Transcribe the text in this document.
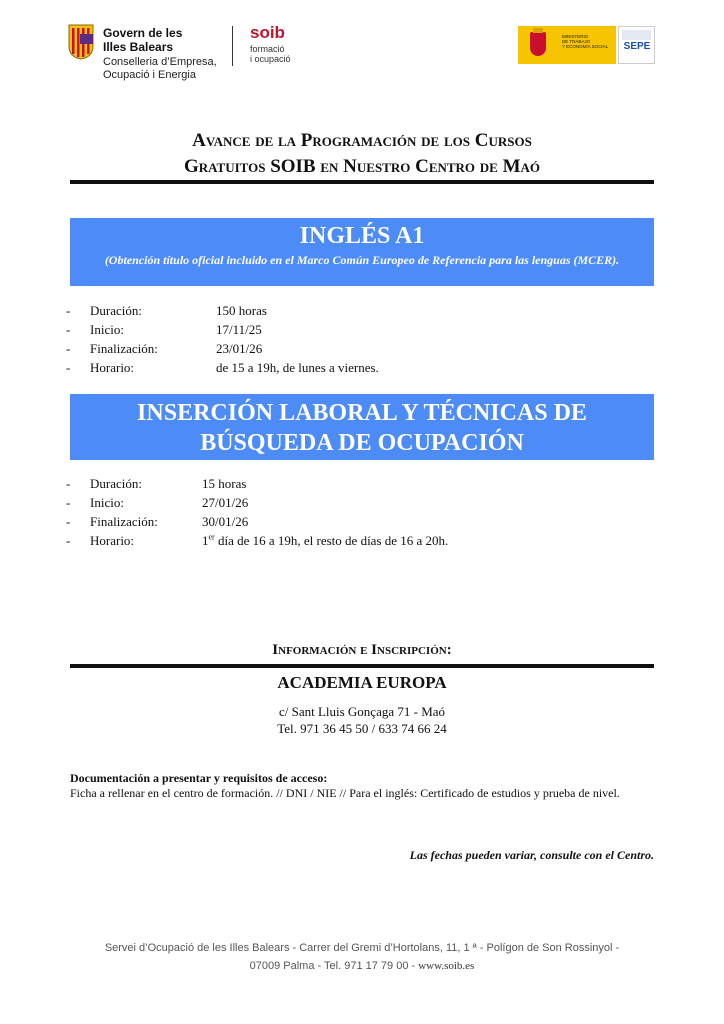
Govern de les
Illes Balears
Conselleria d’Empresa,
Ocupació i Energia
soib
formació
i ocupació
MINISTERIO
DE TRABAJO
Y ECONOMÍA SOCIAL	SEPE
Avance de la Programación de los Cursos
Gratuitos SOIB en Nuestro Centro de Maó
INGLÉS A1
(Obtención título oficial incluido en el Marco Común Europeo de Referencia para las lenguas (MCER).
- Duración:	150 horas
- Inicio:	17/11/25
- Finalización:	23/01/26
- Horario:	de 15 a 19h, de lunes a viernes.
INSERCIÓN LABORAL Y TÉCNICAS DE
BÚSQUEDA DE OCUPACIÓN
- Duración:	15 horas
- Inicio:	27/01/26
- Finalización:	30/01/26
- Horario:	1er día de 16 a 19h, el resto de días de 16 a 20h.
Información e Inscripción:
ACADEMIA EUROPA
c/ Sant Lluis Gonçaga 71 - Maó
Tel. 971 36 45 50 / 633 74 66 24
Documentación a presentar y requisitos de acceso:
Ficha a rellenar en el centro de formación. // DNI / NIE // Para el inglés: Certificado de estudios y prueba de nivel.
Las fechas pueden variar, consulte con el Centro.
Servei d’Ocupació de les Illes Balears - Carrer del Gremi d’Hortolans, 11, 1 ª - Polígon de Son Rossinyol -
07009 Palma - Tel. 971 17 79 00 - www.soib.es
